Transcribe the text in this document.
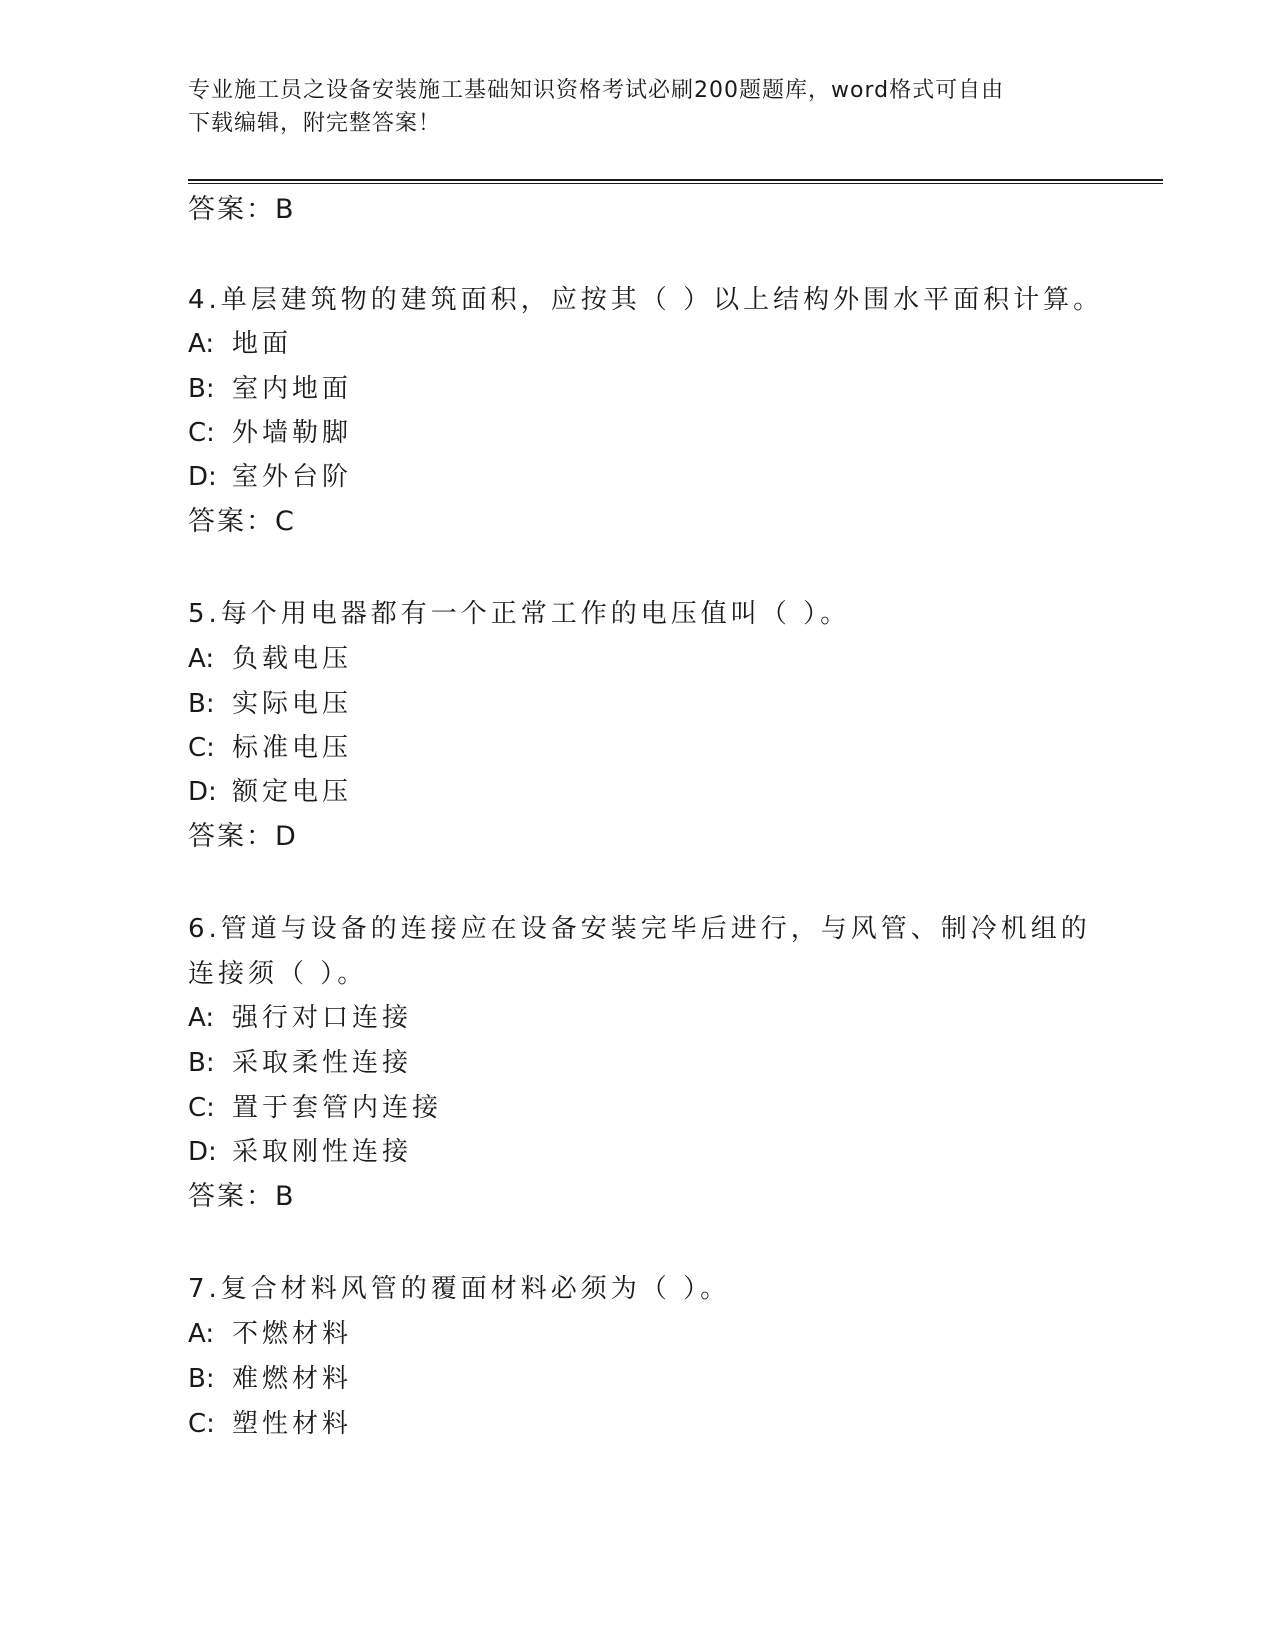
专业施工员之设备安装施工基础知识资格考试必刷200题题库，word格式可自由
下载编辑，附完整答案！
答案：B
4.单层建筑物的建筑面积，应按其（ ）以上结构外围水平面积计算。
A: 地面
B: 室内地面
C: 外墙勒脚
D: 室外台阶
答案：C
5.每个用电器都有一个正常工作的电压值叫（ ）。
A: 负载电压
B: 实际电压
C: 标准电压
D: 额定电压
答案：D
6.管道与设备的连接应在设备安装完毕后进行，与风管、制冷机组的
连接须（ ）。
A: 强行对口连接
B: 采取柔性连接
C: 置于套管内连接
D: 采取刚性连接
答案：B
7.复合材料风管的覆面材料必须为（ ）。
A: 不燃材料
B: 难燃材料
C: 塑性材料
